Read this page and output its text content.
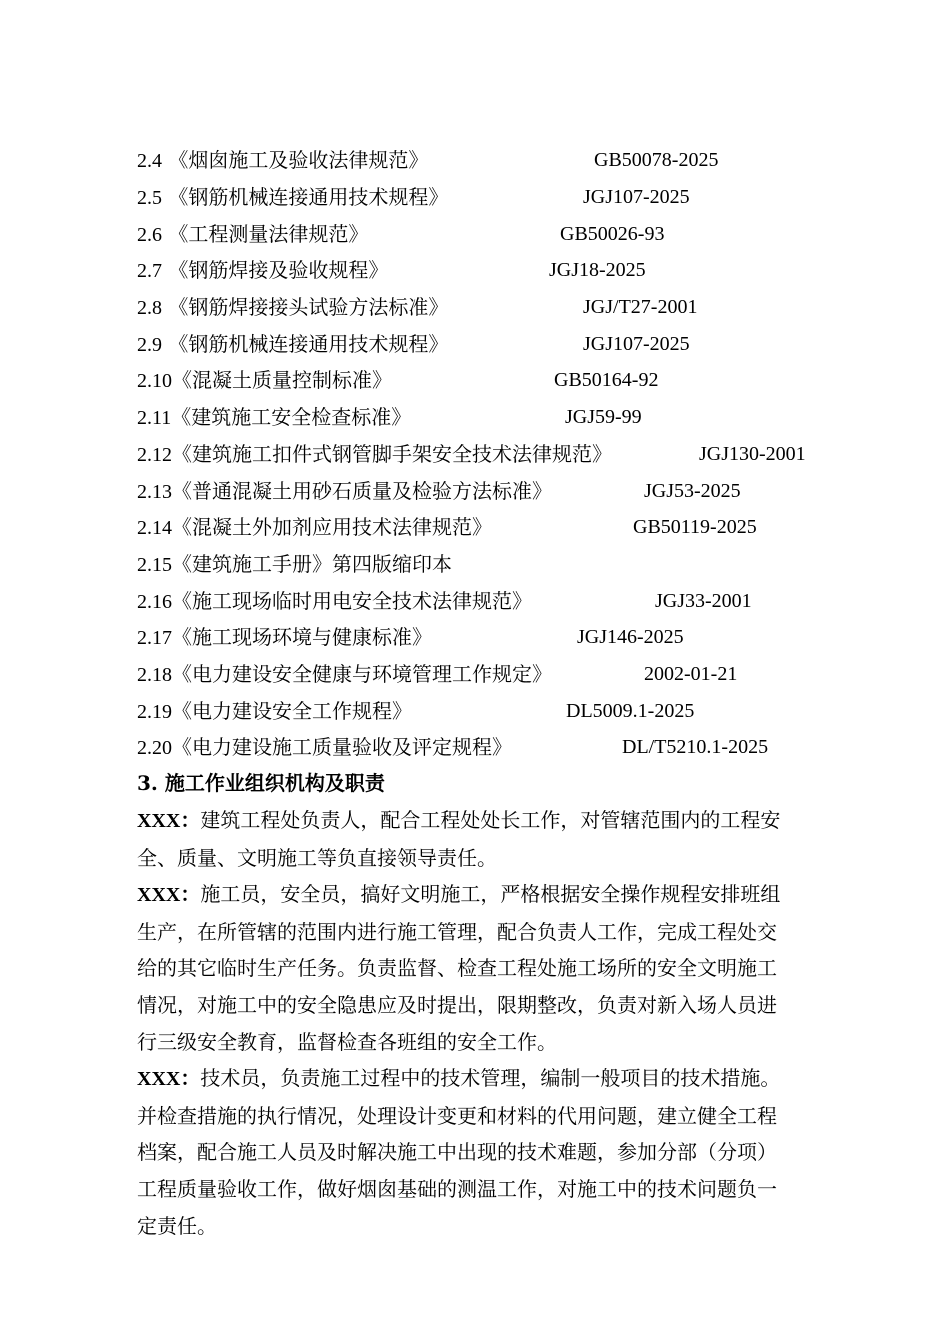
2.4 《烟囱施工及验收法律规范》	GB50078-2025
2.5 《钢筋机械连接通用技术规程》	JGJ107-2025
2.6 《工程测量法律规范》	GB50026-93
2.7 《钢筋焊接及验收规程》	JGJ18-2025
2.8 《钢筋焊接接头试验方法标准》	JGJ/T27-2001
2.9 《钢筋机械连接通用技术规程》	JGJ107-2025
2.10《混凝土质量控制标准》	GB50164-92
2.11《建筑施工安全检查标准》	JGJ59-99
2.12《建筑施工扣件式钢管脚手架安全技术法律规范》	JGJ130-2001
2.13《普通混凝土用砂石质量及检验方法标准》	JGJ53-2025
2.14《混凝土外加剂应用技术法律规范》	GB50119-2025
2.15《建筑施工手册》第四版缩印本
2.16《施工现场临时用电安全技术法律规范》	JGJ33-2001
2.17《施工现场环境与健康标准》	JGJ146-2025
2.18《电力建设安全健康与环境管理工作规定》	2002-01-21
2.19《电力建设安全工作规程》	DL5009.1-2025
2.20《电力建设施工质量验收及评定规程》	DL/T5210.1-2025
3. 施工作业组织机构及职责
XXX：建筑工程处负责人，配合工程处处长工作，对管辖范围内的工程安
全、质量、文明施工等负直接领导责任。
XXX：施工员，安全员，搞好文明施工，严格根据安全操作规程安排班组
生产，在所管辖的范围内进行施工管理，配合负责人工作，完成工程处交
给的其它临时生产任务。负责监督、检查工程处施工场所的安全文明施工
情况，对施工中的安全隐患应及时提出，限期整改，负责对新入场人员进
行三级安全教育，监督检查各班组的安全工作。
XXX：技术员，负责施工过程中的技术管理，编制一般项目的技术措施。
并检查措施的执行情况，处理设计变更和材料的代用问题，建立健全工程
档案，配合施工人员及时解决施工中出现的技术难题，参加分部（分项）
工程质量验收工作，做好烟囱基础的测温工作，对施工中的技术问题负一
定责任。
